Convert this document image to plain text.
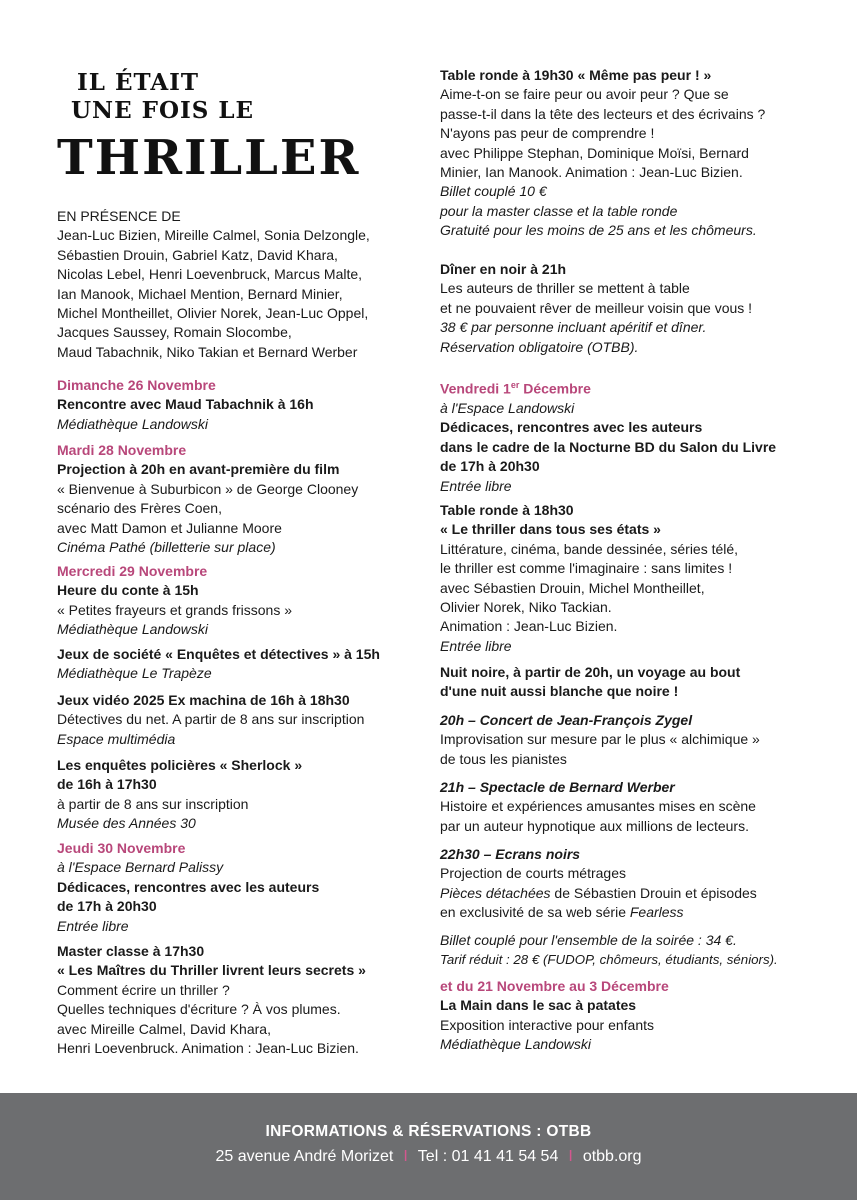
IL ÉTAIT
UNE FOIS LE
THRILLER
EN PRÉSENCE DE
Jean-Luc Bizien, Mireille Calmel, Sonia Delzongle,
Sébastien Drouin, Gabriel Katz, David Khara,
Nicolas Lebel, Henri Loevenbruck, Marcus Malte,
Ian Manook, Michael Mention, Bernard Minier,
Michel Montheillet, Olivier Norek, Jean-Luc Oppel,
Jacques Saussey, Romain Slocombe,
Maud Tabachnik, Niko Takian et Bernard Werber
Dimanche 26 Novembre
Rencontre avec Maud Tabachnik à 16h
Médiathèque Landowski
Mardi 28 Novembre
Projection à 20h en avant-première du film
« Bienvenue à Suburbicon » de George Clooney
scénario des Frères Coen,
avec Matt Damon et Julianne Moore
Cinéma Pathé (billetterie sur place)
Mercredi 29 Novembre
Heure du conte à 15h
« Petites frayeurs et grands frissons »
Médiathèque Landowski
Jeux de société « Enquêtes et détectives » à 15h
Médiathèque Le Trapèze
Jeux vidéo 2025 Ex machina de 16h à 18h30
Détectives du net. A partir de 8 ans sur inscription
Espace multimédia
Les enquêtes policières « Sherlock »
de 16h à 17h30
à partir de 8 ans sur inscription
Musée des Années 30
Jeudi 30 Novembre
à l'Espace Bernard Palissy
Dédicaces, rencontres avec les auteurs
de 17h à 20h30
Entrée libre
Master classe à 17h30
« Les Maîtres du Thriller livrent leurs secrets »
Comment écrire un thriller ?
Quelles techniques d'écriture ? À vos plumes.
avec Mireille Calmel, David Khara,
Henri Loevenbruck. Animation : Jean-Luc Bizien.
Table ronde à 19h30 « Même pas peur ! »
Aime-t-on se faire peur ou avoir peur ? Que se
passe-t-il dans la tête des lecteurs et des écrivains ?
N'ayons pas peur de comprendre !
avec Philippe Stephan, Dominique Moïsi, Bernard
Minier, Ian Manook. Animation : Jean-Luc Bizien.
Billet couplé 10 €
pour la master classe et la table ronde
Gratuité pour les moins de 25 ans et les chômeurs.
Dîner en noir à 21h
Les auteurs de thriller se mettent à table
et ne pouvaient rêver de meilleur voisin que vous !
38 € par personne incluant apéritif et dîner.
Réservation obligatoire (OTBB).
Vendredi 1er Décembre
à l'Espace Landowski
Dédicaces, rencontres avec les auteurs
dans le cadre de la Nocturne BD du Salon du Livre
de 17h à 20h30
Entrée libre
Table ronde à 18h30
« Le thriller dans tous ses états »
Littérature, cinéma, bande dessinée, séries télé,
le thriller est comme l'imaginaire : sans limites !
avec Sébastien Drouin, Michel Montheillet,
Olivier Norek, Niko Tackian.
Animation : Jean-Luc Bizien.
Entrée libre
Nuit noire, à partir de 20h, un voyage au bout
d'une nuit aussi blanche que noire !
20h – Concert de Jean-François Zygel
Improvisation sur mesure par le plus « alchimique »
de tous les pianistes
21h – Spectacle de Bernard Werber
Histoire et expériences amusantes mises en scène
par un auteur hypnotique aux millions de lecteurs.
22h30 – Ecrans noirs
Projection de courts métrages
Pièces détachées de Sébastien Drouin et épisodes
en exclusivité de sa web série Fearless
Billet couplé pour l'ensemble de la soirée : 34 €.
Tarif réduit : 28 € (FUDOP, chômeurs, étudiants, séniors).
et du 21 Novembre au 3 Décembre
La Main dans le sac à patates
Exposition interactive pour enfants
Médiathèque Landowski
INFORMATIONS & RÉSERVATIONS : OTBB
25 avenue André Morizet I Tel : 01 41 41 54 54 I otbb.org
